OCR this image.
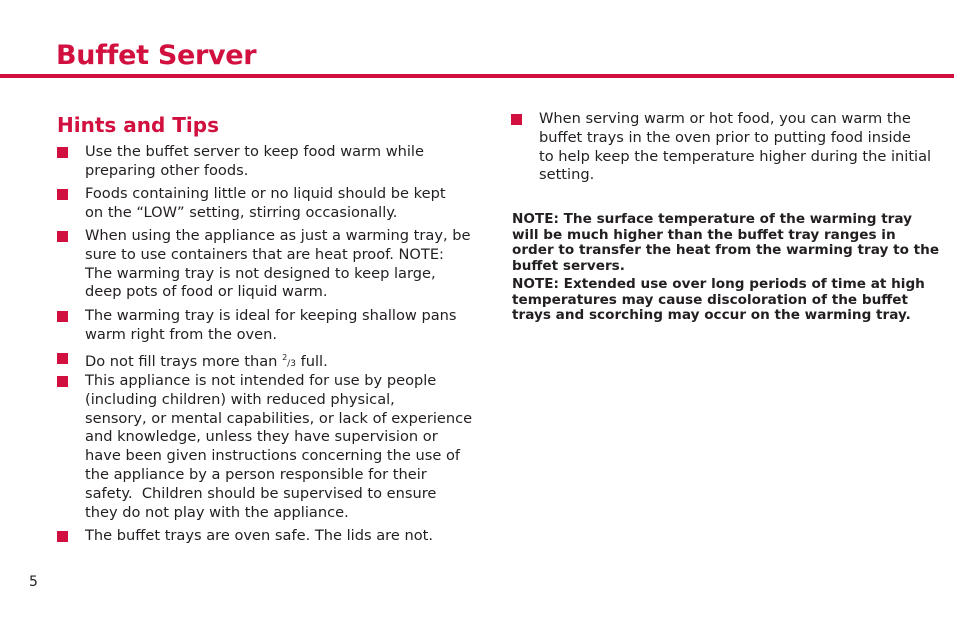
Buffet Server
Hints and Tips
Use the buffet server to keep food warm while
preparing other foods.
Foods containing little or no liquid should be kept
on the “LOW” setting, stirring occasionally.
When using the appliance as just a warming tray, be
sure to use containers that are heat proof. NOTE:
The warming tray is not designed to keep large,
deep pots of food or liquid warm.
The warming tray is ideal for keeping shallow pans
warm right from the oven.
Do not fill trays more than $^2$/3 full.
This appliance is not intended for use by people
(including children) with reduced physical,
sensory, or mental capabilities, or lack of experience
and knowledge, unless they have supervision or
have been given instructions concerning the use of
the appliance by a person responsible for their
safety.  Children should be supervised to ensure
they do not play with the appliance.
The buffet trays are oven safe. The lids are not.
When serving warm or hot food, you can warm the
buffet trays in the oven prior to putting food inside
to help keep the temperature higher during the initial
setting.
NOTE: The surface temperature of the warming tray
will be much higher than the buffet tray ranges in
order to transfer the heat from the warming tray to the
buffet servers.
NOTE: Extended use over long periods of time at high
temperatures may cause discoloration of the buffet
trays and scorching may occur on the warming tray.
5
